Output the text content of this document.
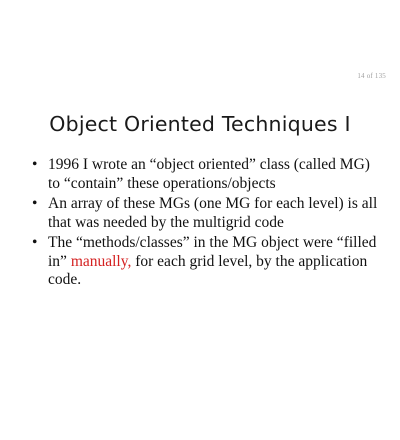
14 of 135
Object Oriented Techniques I
• 1996 I wrote an “object oriented” class (called MG) to “contain” these operations/objects
• An array of these MGs (one MG for each level) is all that was needed by the multigrid code
• The “methods/classes” in the MG object were “filled in” manually, for each grid level, by the application code.
